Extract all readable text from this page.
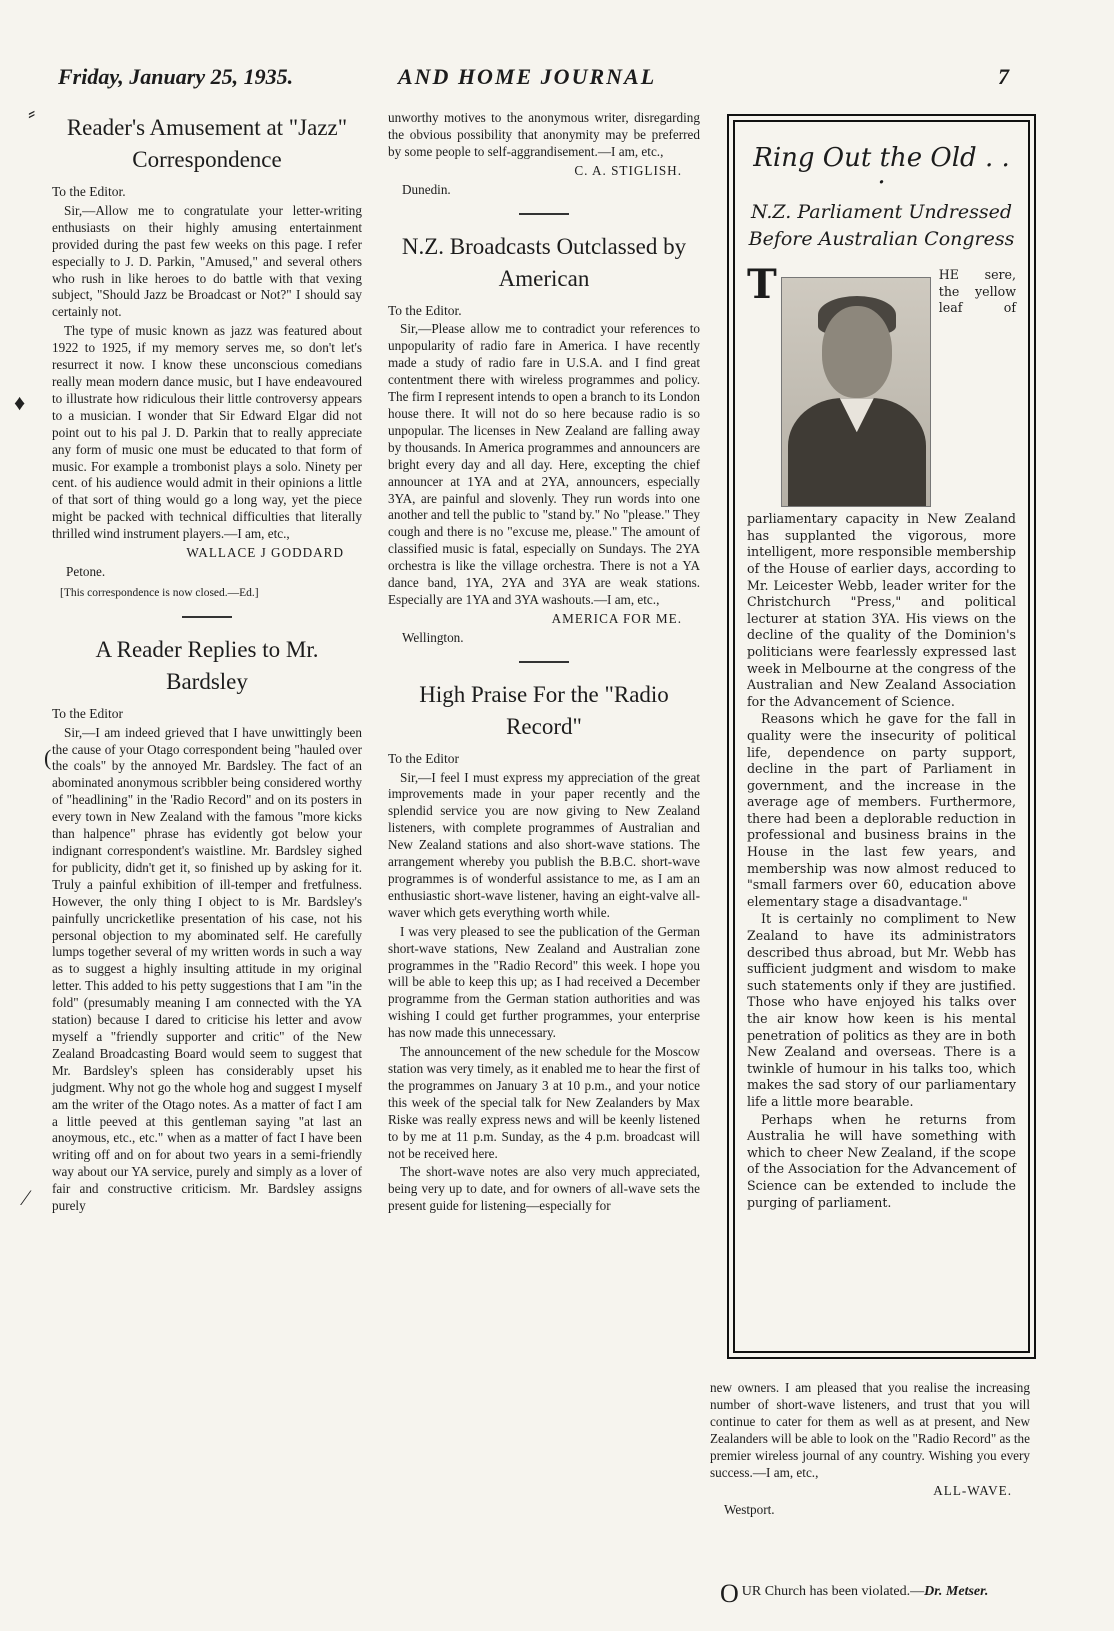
Friday, January 25, 1935.	AND HOME JOURNAL	7
⸗
♦
(
⁄
Reader's Amusement at "Jazz" Correspondence
To the Editor.

Sir,—Allow me to congratulate your letter-writing enthusiasts on their highly amusing entertainment provided during the past few weeks on this page. I refer especially to J. D. Parkin, "Amused," and several others who rush in like heroes to do battle with that vexing subject, "Should Jazz be Broadcast or Not?" I should say certainly not.

The type of music known as jazz was featured about 1922 to 1925, if my memory serves me, so don't let's resurrect it now. I know these unconscious comedians really mean modern dance music, but I have endeavoured to illustrate how ridiculous their little controversy appears to a musician. I wonder that Sir Edward Elgar did not point out to his pal J. D. Parkin that to really appreciate any form of music one must be educated to that form of music. For example a trombonist plays a solo. Ninety per cent. of his audience would admit in their opinions a little of that sort of thing would go a long way, yet the piece might be packed with technical difficulties that literally thrilled wind instrument players.—I am, etc.,

WALLACE J GODDARD
Petone.
[This correspondence is now closed.—Ed.]
A Reader Replies to Mr. Bardsley
To the Editor

Sir,—I am indeed grieved that I have unwittingly been the cause of your Otago correspondent being "hauled over the coals" by the annoyed Mr. Bardsley. The fact of an abominated anonymous scribbler being considered worthy of "headlining" in the 'Radio Record" and on its posters in every town in New Zealand with the famous "more kicks than halpence" phrase has evidently got below your indignant correspondent's waistline. Mr. Bardsley sighed for publicity, didn't get it, so finished up by asking for it. Truly a painful exhibition of ill-temper and fretfulness. However, the only thing I object to is Mr. Bardsley's painfully uncricketlike presentation of his case, not his personal objection to my abominated self. He carefully lumps together several of my written words in such a way as to suggest a highly insulting attitude in my original letter. This added to his petty suggestions that I am "in the fold" (presumably meaning I am connected with the YA station) because I dared to criticise his letter and avow myself a "friendly supporter and critic" of the New Zealand Broadcasting Board would seem to suggest that Mr. Bardsley's spleen has considerably upset his judgment. Why not go the whole hog and suggest I myself am the writer of the Otago notes. As a matter of fact I am a little peeved at this gentleman saying "at last an anoymous, etc., etc." when as a matter of fact I have been writing off and on for about two years in a semi-friendly way about our YA service, purely and simply as a lover of fair and constructive criticism. Mr. Bardsley assigns purely

unworthy motives to the anonymous writer, disregarding the obvious possibility that anonymity may be preferred by some people to self-aggrandisement.—I am, etc.,

C. A. STIGLISH.
Dunedin.
N.Z. Broadcasts Outclassed by American
To the Editor.

Sir,—Please allow me to contradict your references to unpopularity of radio fare in America. I have recently made a study of radio fare in U.S.A. and I find great contentment there with wireless programmes and policy. The firm I represent intends to open a branch to its London house there. It will not do so here because radio is so unpopular. The licenses in New Zealand are falling away by thousands. In America programmes and announcers are bright every day and all day. Here, excepting the chief announcer at 1YA and at 2YA, announcers, especially 3YA, are painful and slovenly. They run words into one another and tell the public to "stand by." No "please." They cough and there is no "excuse me, please." The amount of classified music is fatal, especially on Sundays. The 2YA orchestra is like the village orchestra. There is not a YA dance band, 1YA, 2YA and 3YA are weak stations. Especially are 1YA and 3YA washouts.—I am, etc.,

AMERICA FOR ME.
Wellington.
High Praise For the "Radio Record"
To the Editor

Sir,—I feel I must express my appreciation of the great improvements made in your paper recently and the splendid service you are now giving to New Zealand listeners, with complete programmes of Australian and New Zealand stations and also short-wave stations. The arrangement whereby you publish the B.B.C. short-wave programmes is of wonderful assistance to me, as I am an enthusiastic short-wave listener, having an eight-valve all-waver which gets everything worth while.

I was very pleased to see the publication of the German short-wave stations, New Zealand and Australian zone programmes in the "Radio Record" this week. I hope you will be able to keep this up; as I had received a December programme from the German station authorities and was wishing I could get further programmes, your enterprise has now made this unnecessary.

The announcement of the new schedule for the Moscow station was very timely, as it enabled me to hear the first of the programmes on January 3 at 10 p.m., and your notice this week of the special talk for New Zealanders by Max Riske was really express news and will be keenly listened to by me at 11 p.m. Sunday, as the 4 p.m. broadcast will not be received here.

The short-wave notes are also very much appreciated, being very up to date, and for owners of all-wave sets the present guide for listening—especially for

Ring Out the Old . . .
N.Z. Parliament Undressed Before Australian Congress

T	HE sere, the yellow leaf of parliamentary capacity in New Zealand has supplanted the vigorous, more intelligent, more responsible membership of the House of earlier days, according to Mr. Leicester Webb, leader writer for the Christchurch "Press," and political lecturer at station 3YA. His views on the decline of the quality of the Dominion's politicians were fearlessly expressed last week in Melbourne at the congress of the Australian and New Zealand Association for the Advancement of Science.

Reasons which he gave for the fall in quality were the insecurity of political life, dependence on party support, decline in the part of Parliament in government, and the increase in the average age of members. Furthermore, there had been a deplorable reduction in professional and business brains in the House in the last few years, and membership was now almost reduced to "small farmers over 60, education above elementary stage a disadvantage."

It is certainly no compliment to New Zealand to have its administrators described thus abroad, but Mr. Webb has sufficient judgment and wisdom to make such statements only if they are justified. Those who have enjoyed his talks over the air know how keen is his mental penetration of politics as they are in both New Zealand and overseas. There is a twinkle of humour in his talks too, which makes the sad story of our parliamentary life a little more bearable.

Perhaps when he returns from Australia he will have something with which to cheer New Zealand, if the scope of the Association for the Advancement of Science can be extended to include the purging of parliament.

new owners. I am pleased that you realise the increasing number of short-wave listeners, and trust that you will continue to cater for them as well as at present, and New Zealanders will be able to look on the "Radio Record" as the premier wireless journal of any country. Wishing you every success.—I am, etc.,

ALL-WAVE.
Westport.
OUR Church has been violated.—Dr. Metser.
